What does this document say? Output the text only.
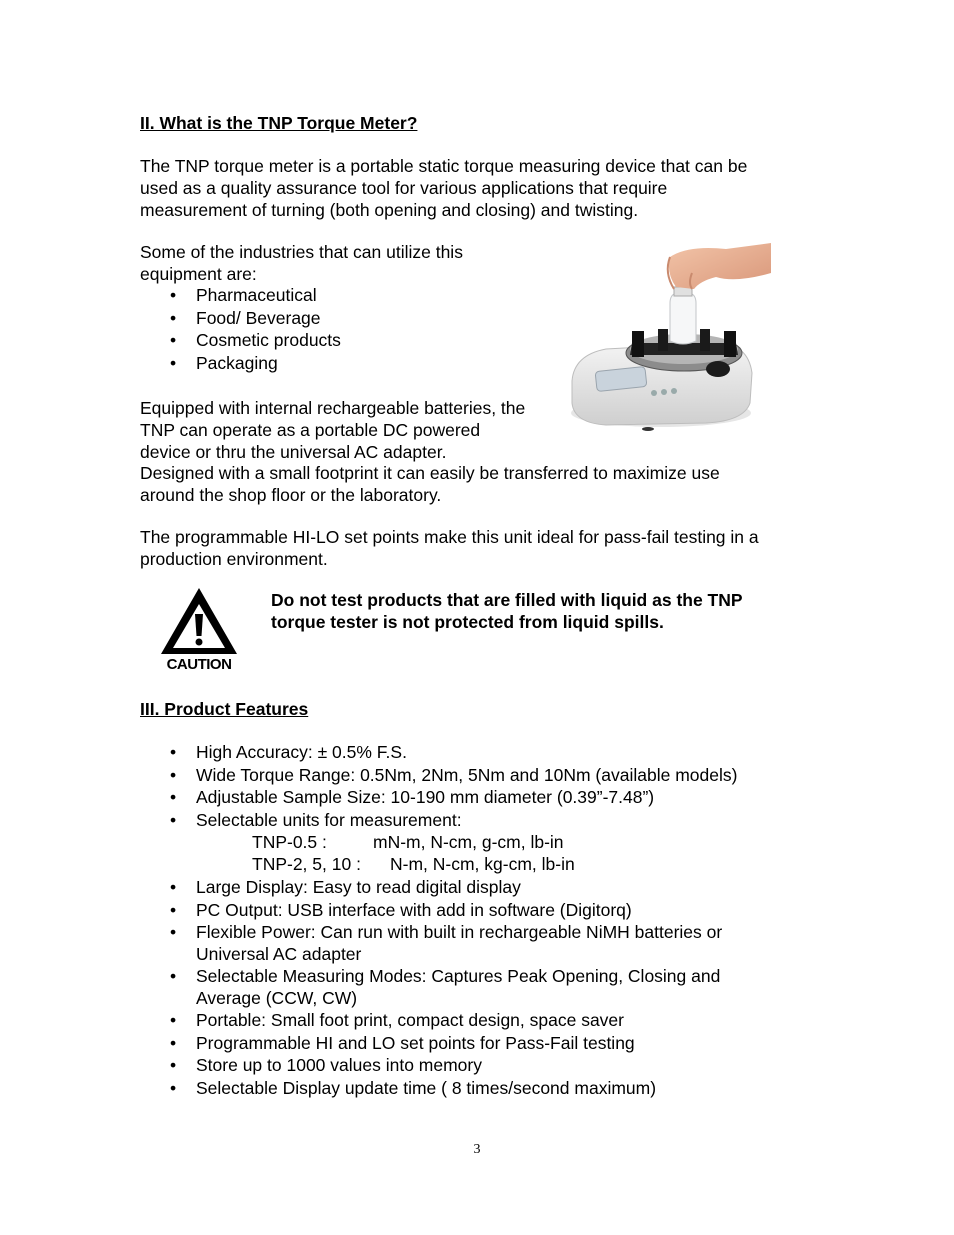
II. What is the TNP Torque Meter?
The TNP torque meter is a portable static torque measuring device that can be
used as a quality assurance tool for various applications that require
measurement of turning (both opening and closing) and twisting.
Some of the industries that can utilize this
equipment are:
• Pharmaceutical
• Food/ Beverage
• Cosmetic products
• Packaging
Equipped with internal rechargeable batteries, the
TNP can operate as a portable DC powered
device or thru the universal AC adapter.
Designed with a small footprint it can easily be transferred to maximize use
around the shop floor or the laboratory.
The programmable HI-LO set points make this unit ideal for pass-fail testing in a
production environment.
CAUTION
Do not test products that are filled with liquid as the TNP
torque tester is not protected from liquid spills.
III. Product Features
• High Accuracy: ± 0.5% F.S.
• Wide Torque Range: 0.5Nm, 2Nm, 5Nm and 10Nm (available models)
• Adjustable Sample Size: 10-190 mm diameter (0.39”-7.48”)
• Selectable units for measurement:
TNP-0.5 :	mN-m, N-cm, g-cm, lb-in
TNP-2, 5, 10 : N-m, N-cm, kg-cm, lb-in
• Large Display: Easy to read digital display
• PC Output: USB interface with add in software (Digitorq)
• Flexible Power: Can run with built in rechargeable NiMH batteries or
Universal AC adapter
• Selectable Measuring Modes: Captures Peak Opening, Closing and
Average (CCW, CW)
• Portable: Small foot print, compact design, space saver
• Programmable HI and LO set points for Pass-Fail testing
• Store up to 1000 values into memory
• Selectable Display update time ( 8 times/second maximum)
3
